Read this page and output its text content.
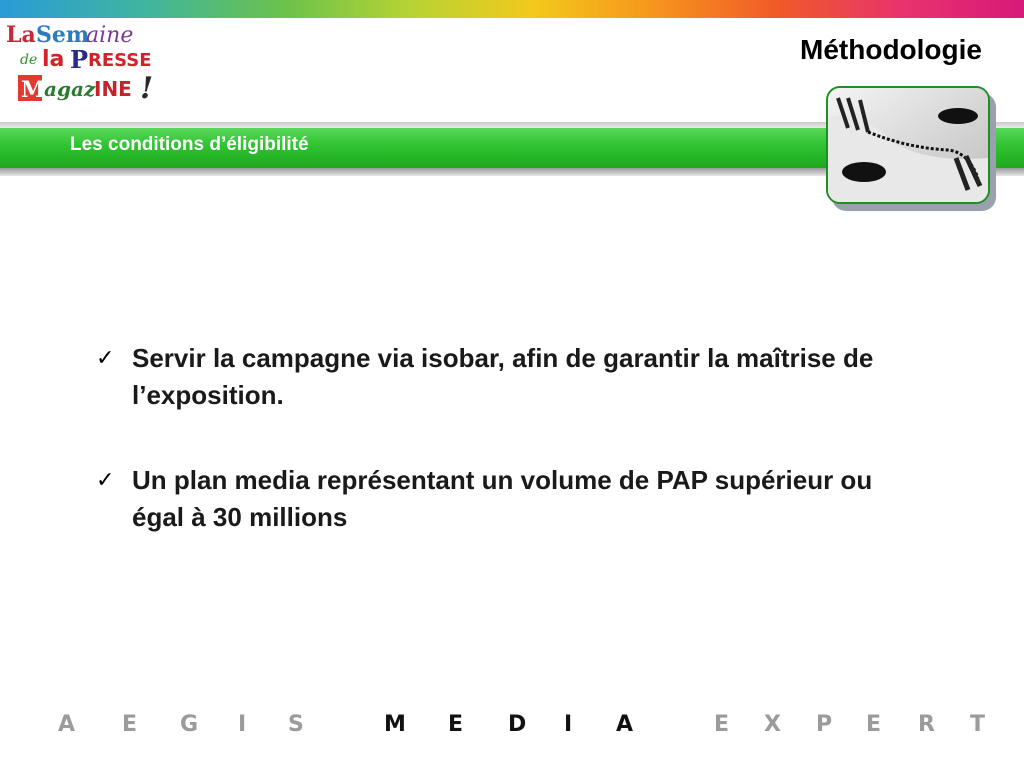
La Sem
aine
de la P RESSE
M
agaz
INE !
Méthodologie
Les conditions d’éligibilité
✓ Servir la campagne via isobar, afin de garantir la maîtrise de l’exposition.
✓ Un plan media représentant un volume de PAP supérieur ou égal à 30 millions
A E G I S	M E D I A	E X P E R T
